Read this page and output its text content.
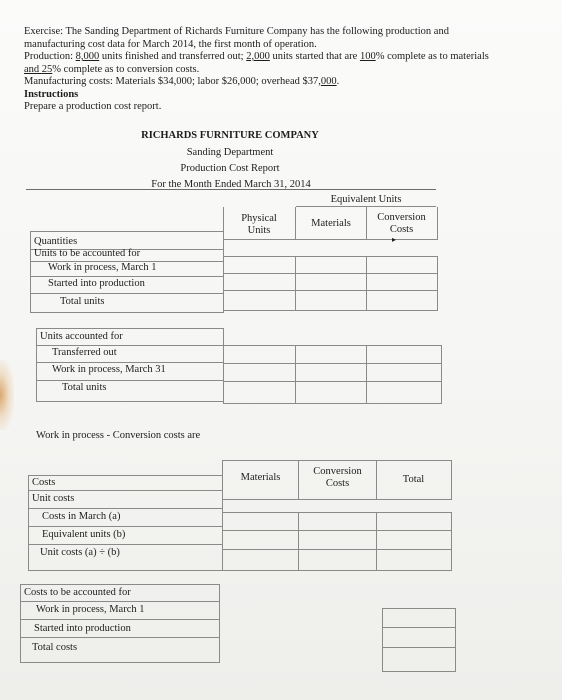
Exercise: The Sanding Department of Richards Furniture Company has the following production and
manufacturing cost data for March 2014, the first month of operation.
Production: 8,000 units finished and transferred out; 2,000 units started that are 100% complete as to materials
and 25% complete as to conversion costs.
Manufacturing costs: Materials $34,000; labor $26,000; overhead $37,000.
Instructions
Prepare a production cost report.
RICHARDS FURNITURE COMPANY
Sanding Department
Production Cost Report
For the Month Ended March 31, 2014
Equivalent Units
Physical
Units
Materials
Conversion
Costs
▸
Quantities
Units to be accounted for
Work in process, March 1
Started into production
Total units
Units accounted for
Transferred out
Work in process, March 31
Total units
Work in process - Conversion costs are
Materials
Conversion
Costs	Total
Costs
Unit costs
Costs in March (a)
Equivalent units (b)
Unit costs (a) ÷ (b)
Costs to be accounted for
Work in process, March 1
Started into production
Total costs
